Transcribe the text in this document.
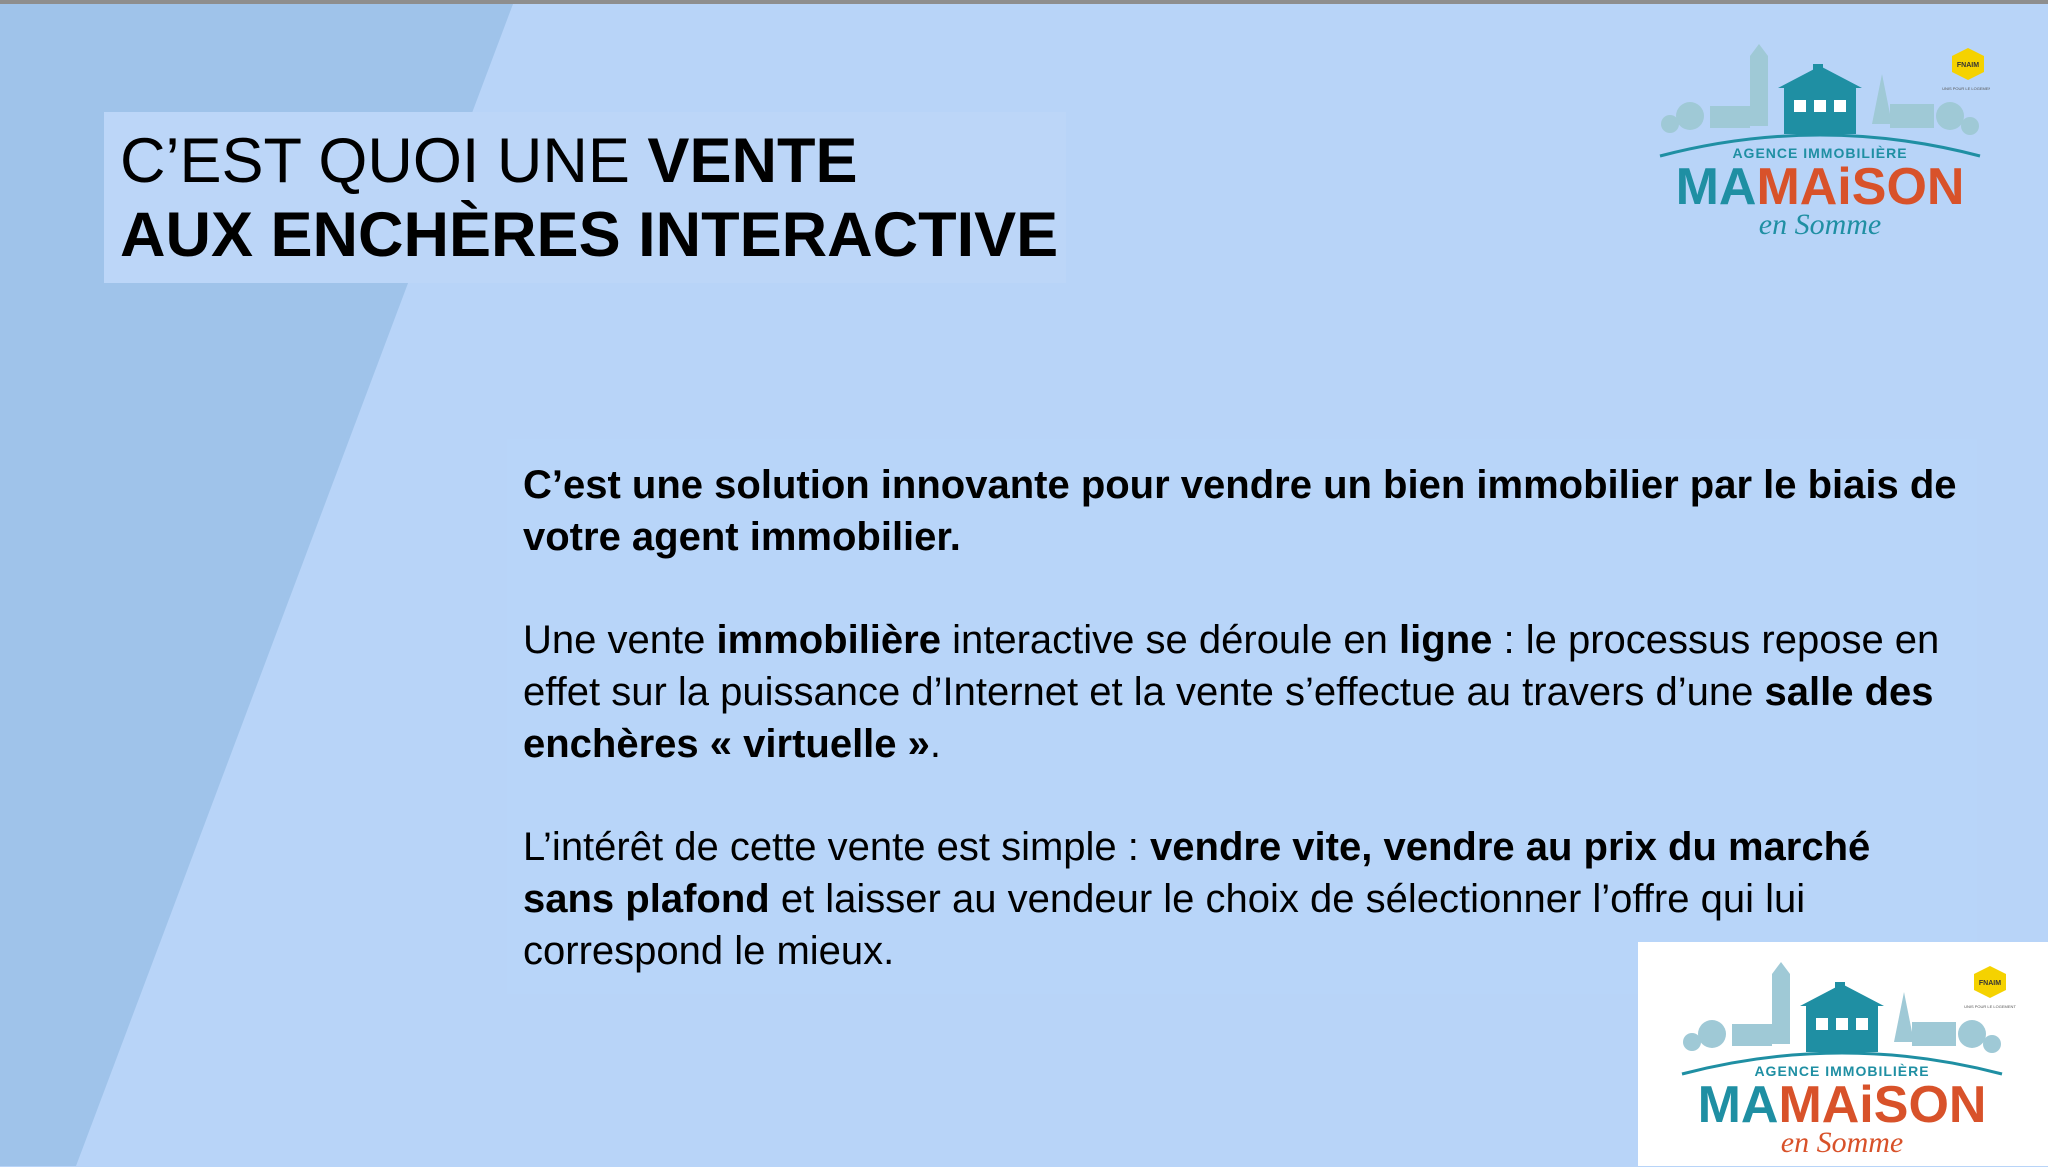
C’EST QUOI UNE VENTE
AUX ENCHÈRES INTERACTIVE

C’est une solution innovante pour vendre un bien immobilier par le biais de votre agent immobilier.

Une vente immobilière interactive se déroule en ligne : le processus repose en effet sur la puissance d’Internet et la vente s’effectue au travers d’une salle des enchères « virtuelle ».

L’intérêt de cette vente est simple : vendre vite, vendre au prix du marché sans plafond et laisser au vendeur le choix de sélectionner l’offre qui lui correspond le mieux.

AGENCE IMMOBILIÈRE
MAMAiSON
en Somme
FNAIM
UNIS POUR LE LOGEMENT
AGENCE IMMOBILIÈRE
MAMAiSON
en Somme
FNAIM
UNIS POUR LE LOGEMENT
